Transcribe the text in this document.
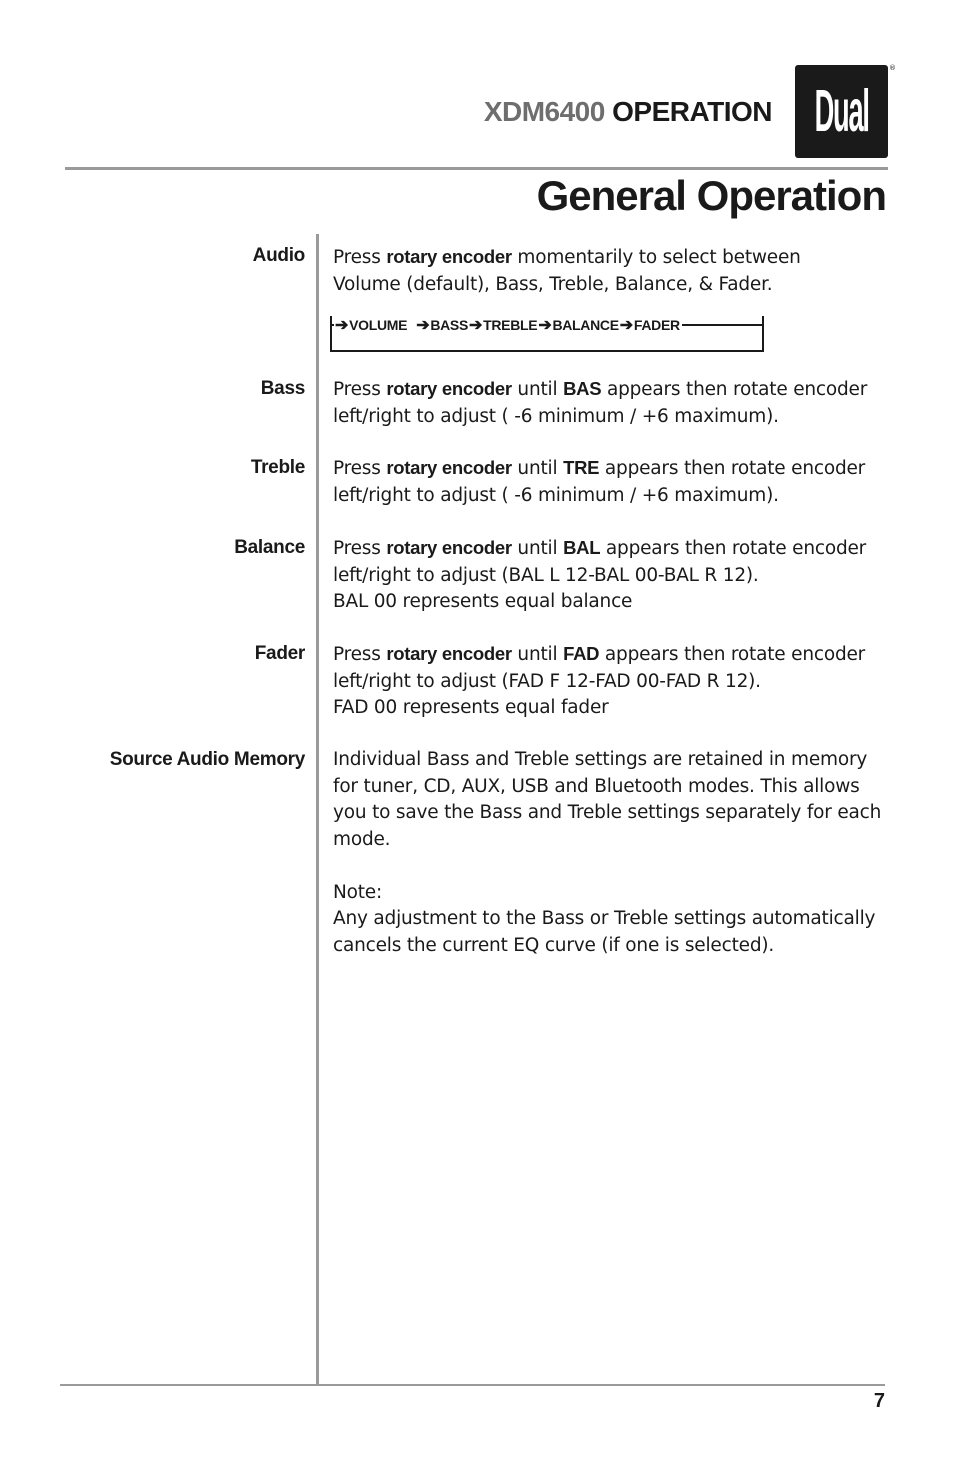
XDM6400 OPERATION Dual
®
General Operation
Audio Press rotary encoder momentarily to select between

Volume (default), Bass, Treble, Balance, & Fader.

➔ VOLUME ➔ BASS ➔ TREBLE ➔ BALANCE ➔ FADER
Bass Press rotary encoder until BAS appears then rotate encoder

left/right to adjust ( -6 minimum / +6 maximum).

Treble Press rotary encoder until TRE appears then rotate encoder

left/right to adjust ( -6 minimum / +6 maximum).

Balance Press rotary encoder until BAL appears then rotate encoder

left/right to adjust (BAL L 12-BAL 00-BAL R 12).

BAL 00 represents equal balance

Fader Press rotary encoder until FAD appears then rotate encoder

left/right to adjust (FAD F 12-FAD 00-FAD R 12).

FAD 00 represents equal fader

Source Audio Memory Individual Bass and Treble settings are retained in memory

for tuner, CD, AUX, USB and Bluetooth modes. This allows

you to save the Bass and Treble settings separately for each

mode.

Note:

Any adjustment to the Bass or Treble settings automatically

cancels the current EQ curve (if one is selected).

7
